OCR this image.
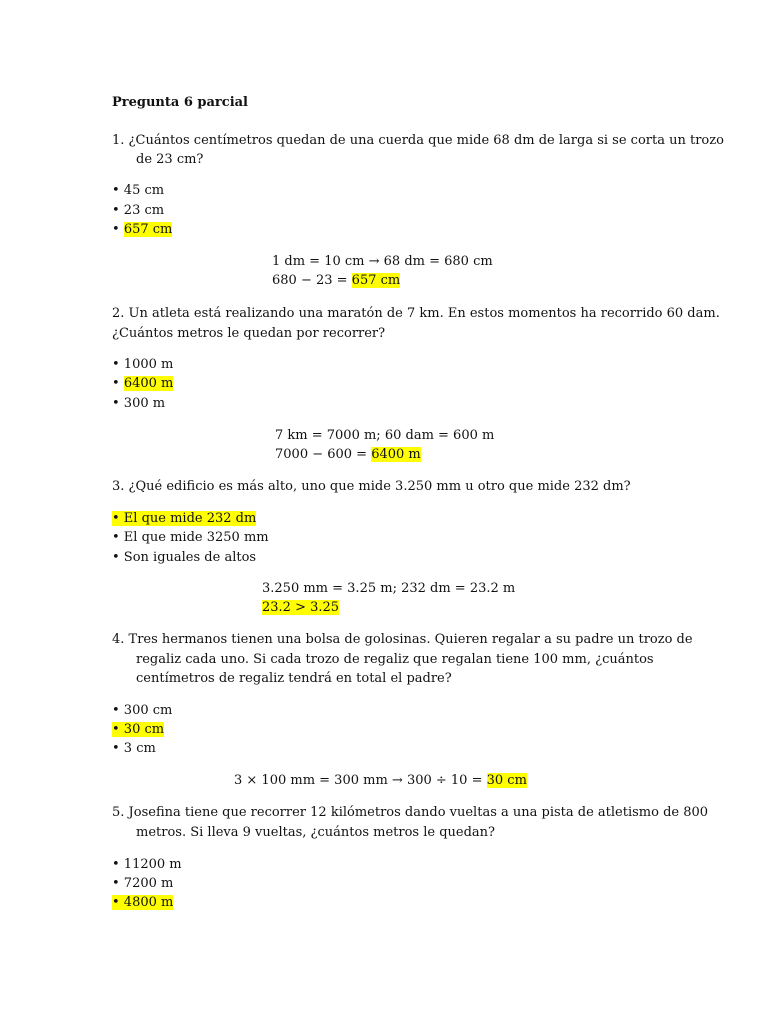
Pregunta 6 parcial
1. ¿Cuántos centímetros quedan de una cuerda que mide 68 dm de larga si se corta un trozo
de 23 cm?
• 45 cm
• 23 cm
• 657 cm
1 dm = 10 cm → 68 dm = 680 cm
680 − 23 = 657 cm
2. Un atleta está realizando una maratón de 7 km. En estos momentos ha recorrido 60 dam.
¿Cuántos metros le quedan por recorrer?
• 1000 m
• 6400 m
• 300 m
7 km = 7000 m; 60 dam = 600 m
7000 − 600 = 6400 m
3. ¿Qué edificio es más alto, uno que mide 3.250 mm u otro que mide 232 dm?
• El que mide 232 dm
• El que mide 3250 mm
• Son iguales de altos
3.250 mm = 3.25 m; 232 dm = 23.2 m
23.2 > 3.25
4. Tres hermanos tienen una bolsa de golosinas. Quieren regalar a su padre un trozo de
regaliz cada uno. Si cada trozo de regaliz que regalan tiene 100 mm, ¿cuántos
centímetros de regaliz tendrá en total el padre?
• 300 cm
• 30 cm
• 3 cm
3 × 100 mm = 300 mm → 300 ÷ 10 = 30 cm
5. Josefina tiene que recorrer 12 kilómetros dando vueltas a una pista de atletismo de 800
metros. Si lleva 9 vueltas, ¿cuántos metros le quedan?
• 11200 m
• 7200 m
• 4800 m
